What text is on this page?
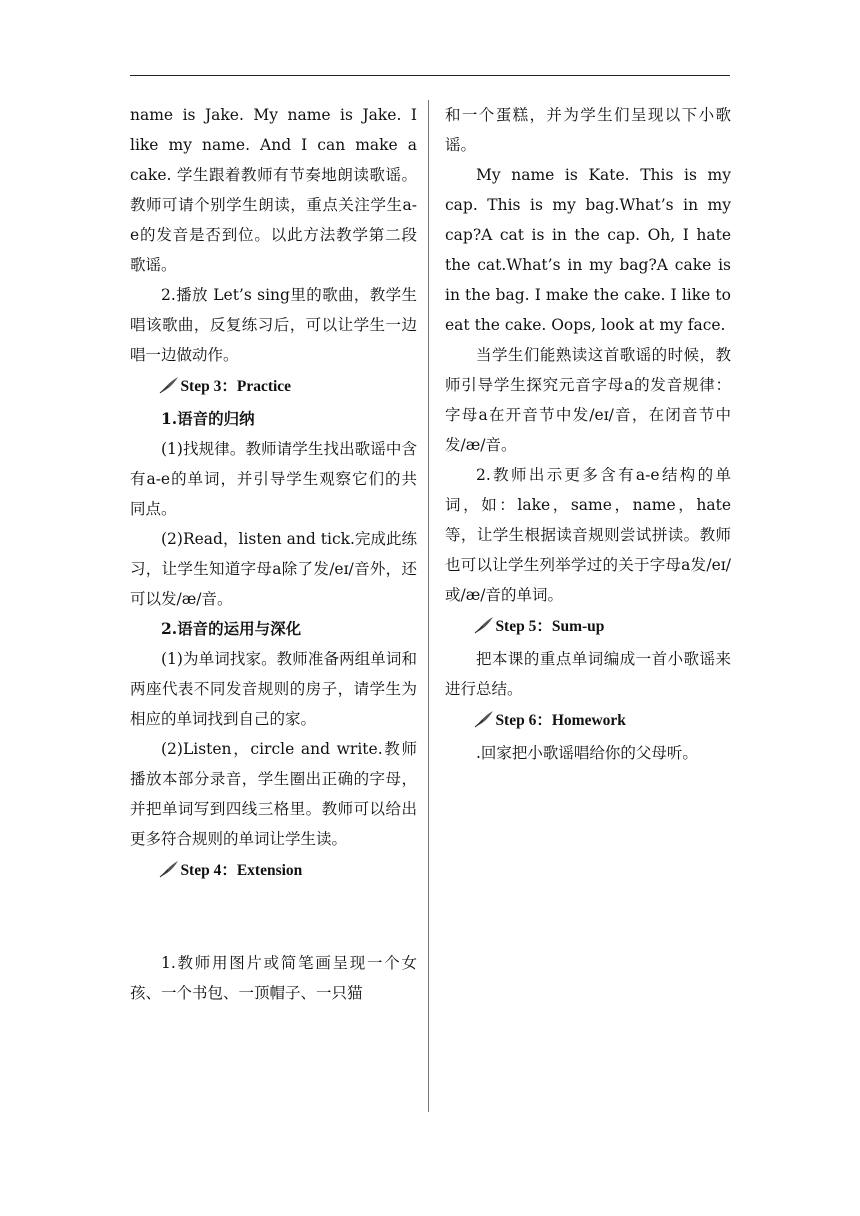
name is Jake. My name is Jake. I like my name. And I can make a cake. 学生跟着教师有节奏地朗读歌谣。教师可请个别学生朗读，重点关注学生a-e的发音是否到位。以此方法教学第二段歌谣。

2.播放 Let’s sing里的歌曲，教学生唱该歌曲，反复练习后，可以让学生一边唱一边做动作。

Step 3：Practice

1.语音的归纳

(1)找规律。教师请学生找出歌谣中含有a-e的单词，并引导学生观察它们的共同点。

(2)Read，listen and tick.完成此练习，让学生知道字母a除了发/eɪ/音外，还可以发/æ/音。

2.语音的运用与深化

(1)为单词找家。教师准备两组单词和两座代表不同发音规则的房子，请学生为相应的单词找到自己的家。

(2)Listen，circle and write.教师播放本部分录音，学生圈出正确的字母，并把单词写到四线三格里。教师可以给出更多符合规则的单词让学生读。

Step 4：Extension

1.教师用图片或简笔画呈现一个女孩、一个书包、一顶帽子、一只猫

和一个蛋糕，并为学生们呈现以下小歌谣。

My name is Kate. This is my cap. This is my bag.What’s in my cap?A cat is in the cap. Oh, I hate the cat.What’s in my bag?A cake is in the bag. I make the cake. I like to eat the cake. Oops, look at my face.

当学生们能熟读这首歌谣的时候，教师引导学生探究元音字母a的发音规律：字母a在开音节中发/eɪ/音，在闭音节中发/æ/音。

2.教师出示更多含有a-e结构的单词，如：lake，same，name，hate等，让学生根据读音规则尝试拼读。教师也可以让学生列举学过的关于字母a发/eɪ/或/æ/音的单词。

Step 5：Sum-up

把本课的重点单词编成一首小歌谣来进行总结。

Step 6：Homework

.回家把小歌谣唱给你的父母听。
